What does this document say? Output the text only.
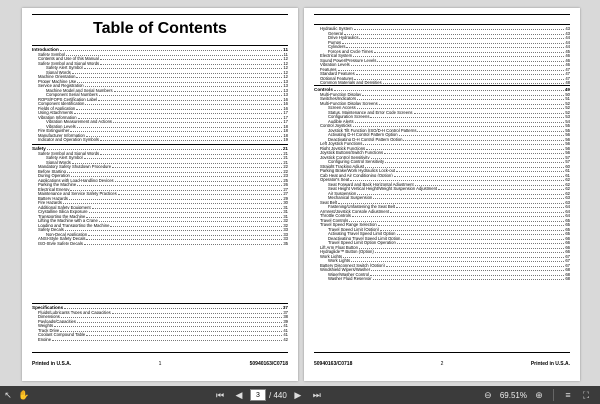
Table of Contents
Introduction	11
Safety Symbol	11
Contents and Use of this Manual	12
Safety Symbol and Signal Words	12
Safety Alert Symbol	12
Signal Words	12
Machine Orientation	12
Proper Machine Use	13
Service and Registration	13
Machine Model and Serial Numbers	13
Component Serial Numbers	13
ROPS/FOPS Certification Label	16
Component Identification	16
Fields of Application	16
Using Attachments	17
Vibration Information	17
Vibration Measurement and Actions	17
Vibration Levels	18
Fire Extinguisher	18
Manufacturer Information	18
Indicator and Operation Symbols	19
Safety	21
Safety Symbol and Signal Words	21
Safety Alert Symbol	21
Signal Words	21
Mandatory Safety Shutdown Procedure	22
Before Starting	22
During Operation	23
Applications with Load-Handling Devices	25
Parking the Machine	26
Electrical Energy	27
Maintenance and Service Safety Practices	27
Battery Hazards	29
Fire Hazards	30
Additional Safety Equipment	31
Crystalline Silica Exposure	31
Transporting the Machine	31
Lifting the Machine with a Crane	32
Loading and Transporting the Machine	32
Safety Decals	33
Non-Decal Application	33
ANSI-Style Safety Decals	33
ISO-Style Safety Decals	35
Specifications	37
Fluids/Lubricants Types and Capacities	37
Dimensions	38
Payloads/Capacities	39
Weights	41
Track Drive	41
Coolant Compound Table	41
Engine	42
Printed in U.S.A.	1	50940163/C0718
Hydraulic System	43
General	43
Drive Hydraulics	44
Pumps	44
Cylinders	44
Forces and Cycle Times	45
Electrical System	46
Sound Power/Pressure Levels	46
Vibration Levels	46
Features	47
Standard Features	47
Optional Features	47
Common Materials and Densities	48
Controls	49
Multi-Function Display	50
Switches/Indicators	51
Multi-Function Display Screens	52
Screen Access	52
Status, Maintenance and Error Code Screens	52
Configuration Screens	53
Audible Alerts	54
Control Joysticks	55
Joystick Tilt Function (ISO/D-H Control Patterns	55
Activating D-H Control Pattern Option	56
Deactivating D-H Control Pattern Option	56
Left Joystick Functions	56
Right Joystick Functions	56
Joystick Buttons/Switch Functions	56
Joystick Control Sensitivity	57
Configuring Control Sensitivity	57
Straight Tracking Adjust	60
Parking Brake/Work Hydraulics Lock-out	61
Cab Heat and Air Conditioning (Option)	61
Operator's Seat	62
Seat Forward and Back Horizontal Adjustment	62
Seat Height Vertical Height/Weight Suspension Adjustment	62
Air Suspension	62
Mechanical Suspension	63
Seat Belt	63
Fastening/Unfastening the Seat Belt	64
Armrest/Joystick Console Adjustment	64
Throttle Controls	64
Travel Controls	65
Travel Speed Range Selection	65
Travel Speed Limit (Option)	65
Activating Travel Speed Limit Option	65
Deactivating Travel Speed Limit Option	66
Travel Speed Limit Option Operation	66
Lift Arm Float Button	66
Hydraglide™ Button (Option)	66
Work Lights	67
Work Lights	67
Battery Disconnect Switch (Option)	67
Windshield Wipers/Washer	68
Wiper/Washer Control	68
Washer Fluid Reservoir	68
50940163/C0718	2	Printed in U.S.A.
↖ ✋	⏮	◀
3	/ 440 ▶	⏭	⊖	69.51% ⊕	≡	⛶
